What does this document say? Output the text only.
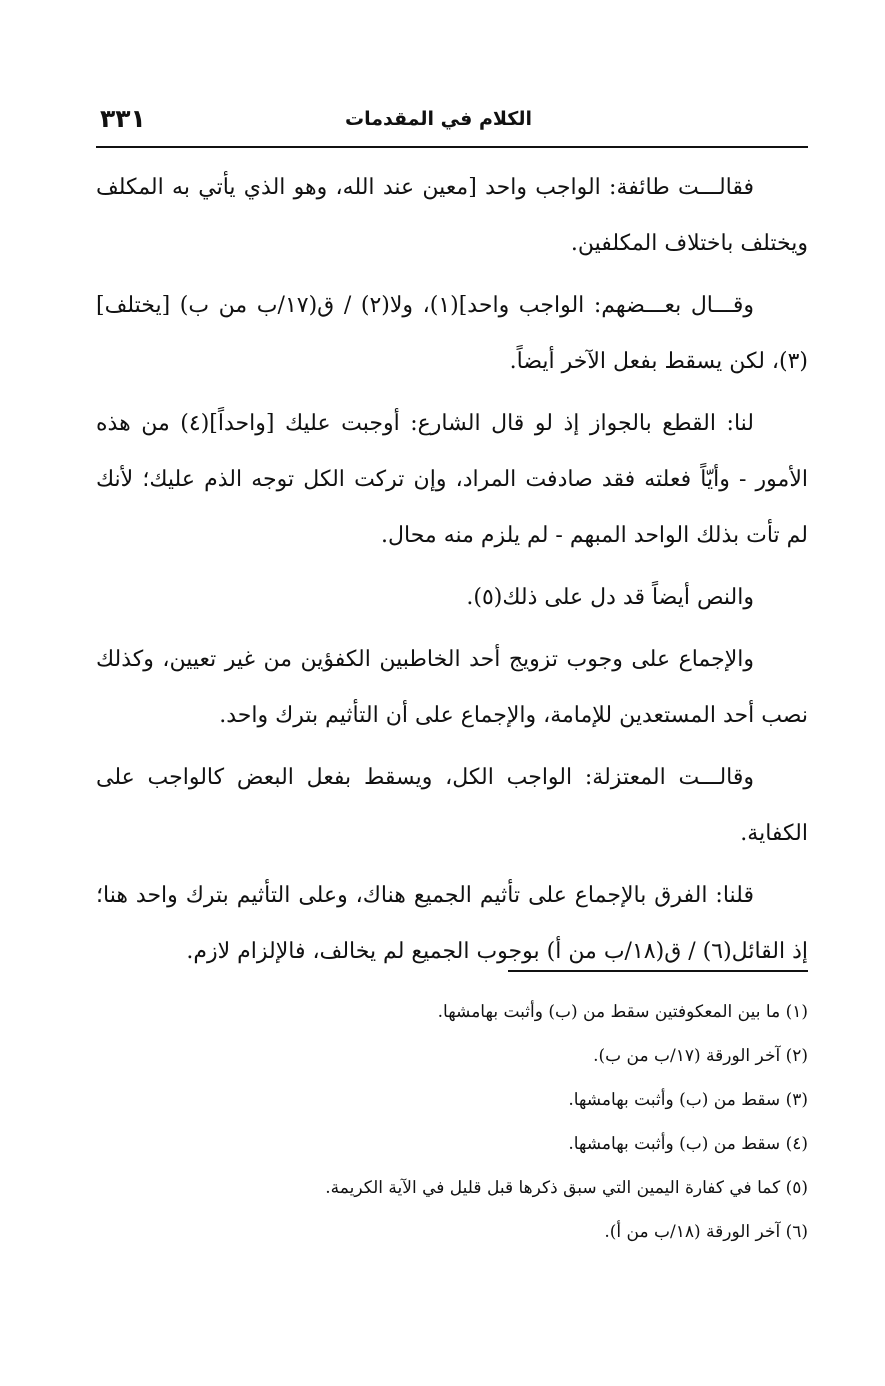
٣٣١	الكلام في المقدمات

فقالـــت طائفة: الواجب واحد [معين عند الله، وهو الذي يأتي به المكلف ويختلف باختلاف المكلفين.

وقـــال بعـــضهم: الواجب واحد](١)، ولا(٢) / ق(١٧/ب من ب) [يختلف](٣)، لكن يسقط بفعل الآخر أيضاً.

لنا: القطع بالجواز إذ لو قال الشارع: أوجبت عليك [واحداً](٤) من هذه الأمور - وأيّاً فعلته فقد صادفت المراد، وإن تركت الكل توجه الذم عليك؛ لأنك لم تأت بذلك الواحد المبهم - لم يلزم منه محال.

والنص أيضاً قد دل على ذلك(٥).

والإجماع على وجوب تزويج أحد الخاطبين الكفؤين من غير تعيين، وكذلك نصب أحد المستعدين للإمامة، والإجماع على أن التأثيم بترك واحد.

وقالـــت المعتزلة: الواجب الكل، ويسقط بفعل البعض كالواجب على الكفاية.

قلنا: الفرق بالإجماع على تأثيم الجميع هناك، وعلى التأثيم بترك واحد هنا؛ إذ القائل(٦) / ق(١٨/ب من أ) بوجوب الجميع لم يخالف، فالإلزام لازم.

(١) ما بين المعكوفتين سقط من (ب) وأثبت بهامشها.
(٢) آخر الورقة (١٧/ب من ب).
(٣) سقط من (ب) وأثبت بهامشها.
(٤) سقط من (ب) وأثبت بهامشها.
(٥) كما في كفارة اليمين التي سبق ذكرها قبل قليل في الآية الكريمة.
(٦) آخر الورقة (١٨/ب من أ).
